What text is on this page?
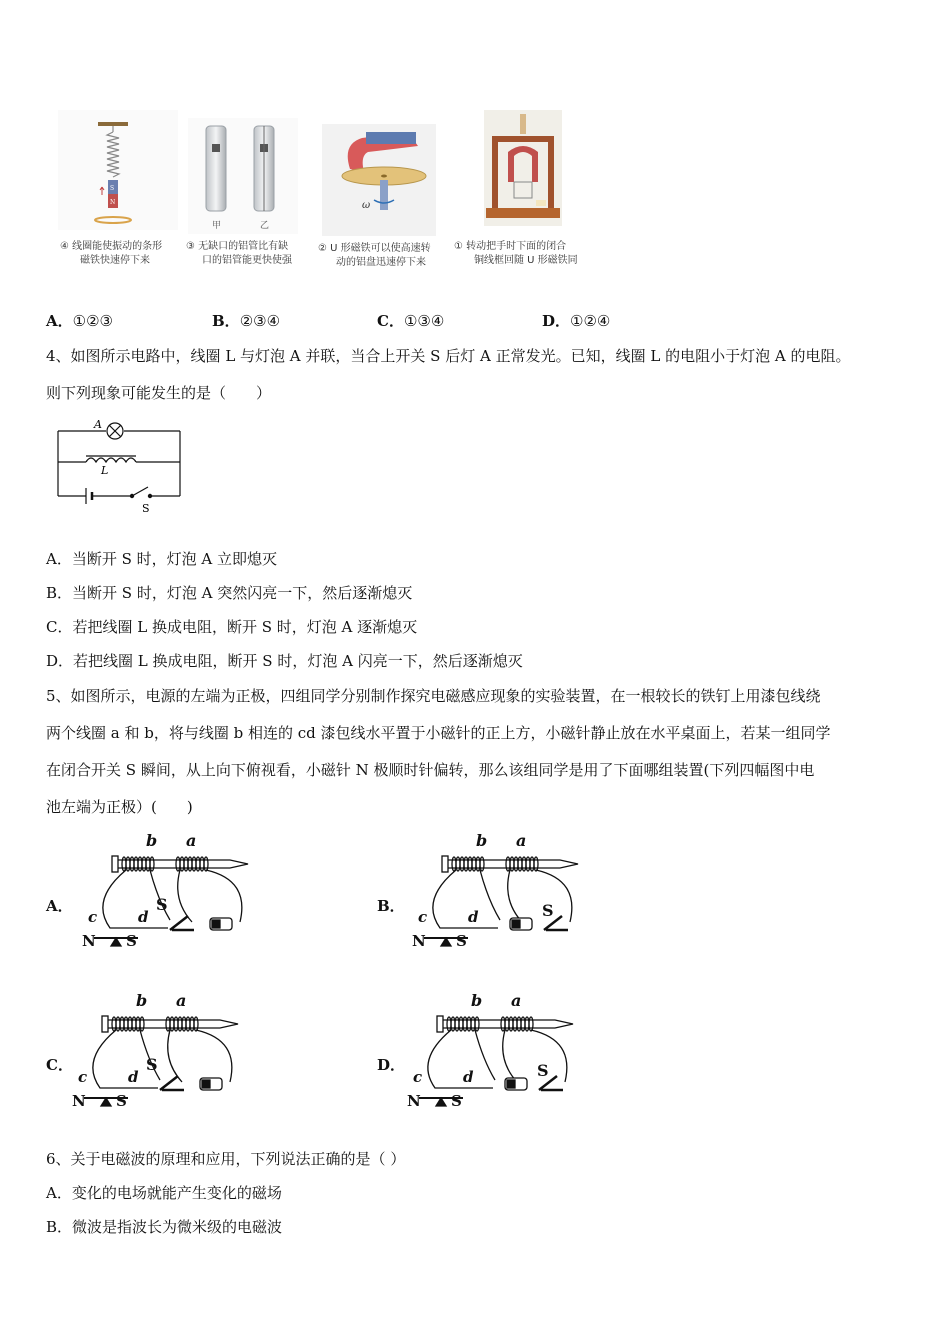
S
N
④ 线圈能使振动的条形
磁铁快速停下来
甲	乙
③ 无缺口的铝管比有缺
口的铝管能更快使强
ω
② U 形磁铁可以使高速转
动的铝盘迅速停下来
① 转动把手时下面的闭合
铜线框回随 U 形磁铁同
A．①②③	B．②③④	C．①③④	D．①②④
4、如图所示电路中，线圈 L 与灯泡 A 并联，当合上开关 S 后灯 A 正常发光。已知，线圈 L 的电阻小于灯泡 A 的电阻。
则下列现象可能发生的是（　　）
A
L
S
A．当断开 S 时，灯泡 A 立即熄灭
B．当断开 S 时，灯泡 A 突然闪亮一下，然后逐渐熄灭
C．若把线圈 L 换成电阻，断开 S 时，灯泡 A 逐渐熄灭
D．若把线圈 L 换成电阻，断开 S 时，灯泡 A 闪亮一下，然后逐渐熄灭
5、如图所示，电源的左端为正极，四组同学分别制作探究电磁感应现象的实验装置，在一根较长的铁钉上用漆包线绕
两个线圈 a 和 b，将与线圈 b 相连的 cd 漆包线水平置于小磁针的正上方，小磁针静止放在水平桌面上，若某一组同学
在闭合开关 S 瞬间，从上向下俯视看，小磁针 N 极顺时针偏转，那么该组同学是用了下面哪组装置(下列四幅图中电
池左端为正极）(　　)
A．	B．
C．	D．
b a
c	d
S
N S
b a
c	d	S
N S
b a
c	d
S
N S
b a
c	d	S
N S
6、关于电磁波的原理和应用，下列说法正确的是（ ）
A．变化的电场就能产生变化的磁场
B．微波是指波长为微米级的电磁波
